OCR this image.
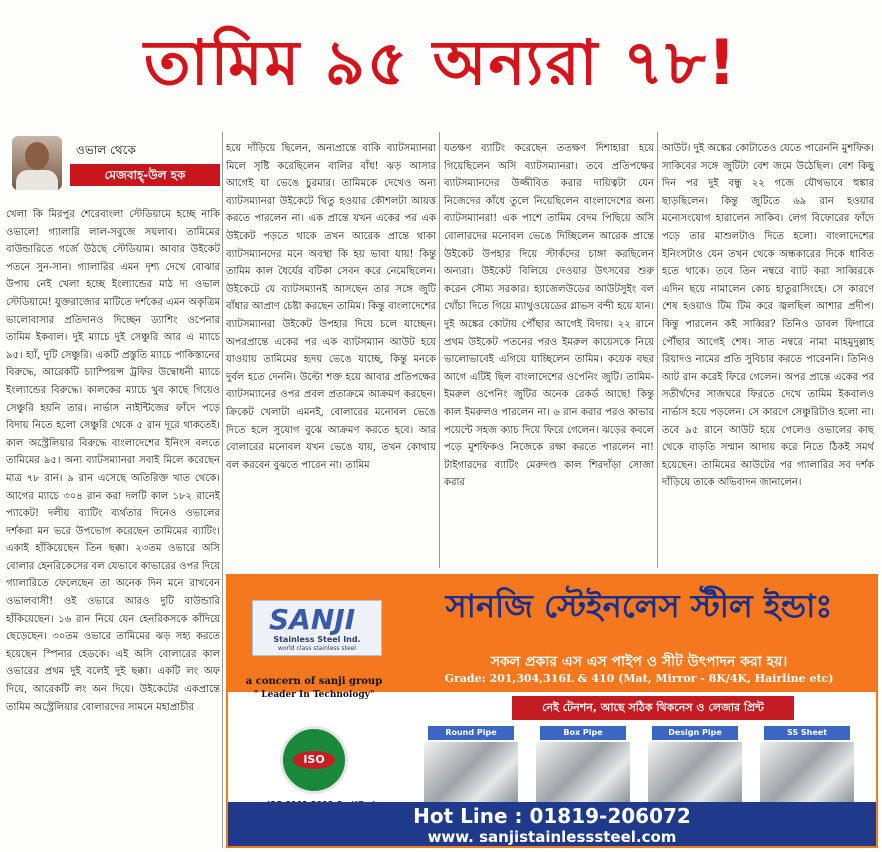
তামিম ৯৫ অন্যরা ৭৮!
ওভাল থেকে
মেজবাহ্-উল হক

খেলা কি মিরপুর শেরেবাংলা স্টেডিয়ামে হচ্ছে নাকি ওভালে! গ্যালারি লাল-সবুজে সয়লাব। তামিমের বাউন্ডারিতে গর্জে উঠছে স্টেডিয়াম। আবার উইকেট পতনে সুন-সান। গ্যালারির এমন দৃশ্য দেখে বোঝার উপায় নেই খেলা হচ্ছে ইংল্যান্ডের মাঠ দ্য ওভাল স্টেডিয়ামে! যুক্তরাজ্যের মাটিতে দর্শকের এমন অকৃত্রিম ভালোবাসার প্রতিদানও দিচ্ছেন ড্যাশিং ওপেনার তামিম ইকবাল। দুই ম্যাচে দুই সেঞ্চুরি আর এ ম্যাচে ৯৫। হ্যাঁ, দুটি সেঞ্চুরি। একটি প্রস্তুতি ম্যাচে পাকিস্তানের বিরুদ্ধে, আরেকটি চ্যাম্পিয়ন্স ট্রফির উদ্বোধনী ম্যাচে ইংল্যান্ডের বিরুদ্ধে। কালকের ম্যাচে খুব কাছে গিয়েও সেঞ্চুরি হয়নি তার। নার্ভাস নাইন্টিজের ফাঁদে পড়ে বিদায় নিতে হলো সেঞ্চুরি থেকে ৫ রান দূরে থাকতেই। কাল অস্ট্রেলিয়ার বিরুদ্ধে বাংলাদেশের ইনিংস বলতে তামিমের ৯৫। অন্য ব্যাটসম্যানরা সবাই মিলে করেছেন মাত্র ৭৮ রান। ৯ রান এসেছে অতিরিক্ত খাত থেকে। আগের ম্যাচে ৩০৪ রান করা দলটি কাল ১৮২ রানেই প্যাকেট! দলীয় ব্যাটিং ব্যর্থতার দিনেও ওভালের দর্শকরা মন ভরে উপভোগ করেছেন তামিমের ব্যাটিং। একাই হাঁকিয়েছেন তিন ছক্কা। ২৩তম ওভারে অসি বোলার হেনরিকেসের বল যেভাবে কাভারের ওপর দিয়ে গ্যালারিতে ফেলেছেন তা অনেক দিন মনে রাখবেন ওভালবাসী! ওই ওভারে আরও দুটি বাউন্ডারি হাঁকিয়েছেন। ১৬ রান নিয়ে যেন হেনরিকসকে কাঁদিয়ে ছেড়েছেন। ৩০তম ওভারে তামিমের ঝড় সহ্য করতে হয়েছেন স্পিনার হেডকে। এই অসি বোলারের কাল ওভারের প্রথম দুই বলেই দুই ছক্কা। একটি লং অফ দিয়ে, আরেকটি লং অন দিয়ে। উইকেটের একপ্রান্তে তামিম অস্ট্রেলিয়ার বোলারদের সামনে মহাপ্রাচীর

হয়ে দাঁড়িয়ে ছিলেন, অন্যপ্রান্তে বাকি ব্যাটসম্যানরা মিলে সৃষ্টি করেছিলেন বালির বাঁধ! ঝড় আসার আগেই যা ভেঙে চুরমার। তামিমকে দেখেও অন্য ব্যাটসম্যানরা উইকেটে থিতু হওয়ার কৌশলটা আয়ত্ত করতে পারলেন না। এক প্রান্তে যখন একের পর এক উইকেট পড়তে থাকে তখন আরেক প্রান্তে থাকা ব্যাটসম্যানদের মনে অবস্থা কি হয় ভাবা যায়! কিন্তু তামিম কাল ধৈর্যের বটিকা সেবন করে নেমেছিলেন। উইকেটে যে ব্যাটসম্যানই আসছেন তার সঙ্গে জুটি বাঁধার আপ্রাণ চেষ্টা করছেন তামিম। কিন্তু বাংলাদেশের ব্যাটসম্যানরা উইকেট উপহার দিয়ে চলে যাচ্ছেন। অপরপ্রান্তে একের পর এক ব্যাটসম্যান আউট হয়ে যাওয়ায় তামিমের হৃদয় ভেঙে যাচ্ছে, কিন্তু মনকে দুর্বল হতে দেননি। উল্টো শক্ত হয়ে আবার প্রতিপক্ষের ব্যাটসম্যানের ওপর প্রবল প্রতাক্রমে আক্রমণ করছেন। ক্রিকেট খেলাটা এমনই, বোলারের মনোবল ভেঙে দিতে হলে সুযোগ বুঝে আক্রমণ করতে হবে। আর বোলারের মনোবল যখন ভেঙে যায়, তখন কোথায় বল করবেন বুঝতে পারেন না। তামিম

যতক্ষণ ব্যাটিং করেছেন ততক্ষণ দিশাহারা হয়ে গিয়েছিলেন অসি ব্যাটসম্যানরা। তবে প্রতিপক্ষের ব্যাটসম্যানদের উজ্জীবিত করার দায়িত্বটা যেন নিজেদের কাঁধে তুলে নিয়েছিলেন বাংলাদেশের অন্য ব্যাটসম্যানরা! এক পাশে তামিম বেদম পিছিয়ে অসি বোলারদের মনোবল ভেঙে দিচ্ছিলেন আরেক প্রান্তে উইকেট উপহার দিয়ে স্টার্কদের চাঙ্গা করছিলেন অন্যরা। উইকেট বিলিয়ে দেওয়ার উৎসবের শুরু করেন সৌম্য সরকার। হ্যাজেলউডের আউটসুইং বল খোঁচা দিতে গিয়ে ম্যাথুওয়েডের গ্লাভস বন্দী হয়ে যান। দুই অঙ্কের কোটায় পৌঁছার আগেই বিদায়। ২২ রানে প্রথম উইকেট পতনের পরও ইমরুল কায়েসকে নিয়ে ভালোভাবেই এগিয়ে যাচ্ছিলেন তামিম। কয়েক বছর আগে এটিই ছিল বাংলাদেশের ওপেনিং জুটি। তামিম-ইমরুল ওপেনিং জুটির অনেক রেকর্ড আছে! কিন্তু কাল ইমরুলও পারলেন না। ৬ রান করার পরও কাভার পয়েন্টে সহজ ক্যাচ দিয়ে ফিরে গেলেন। ঝড়ের কবলে পড়ে মুশফিকও নিজেকে রক্ষা করতে পারলেন না! টাইগারদের ব্যাটিং মেরুদণ্ড কাল শিরদাঁড়া সোজা করার

আউট। দুই অঙ্কের কোটাতেও যেতে পারেননি মুশফিক। সাকিবের সঙ্গে জুটিটা বেশ জমে উঠেছিল। বেশ কিছু দিন পর দুই বন্ধু ২২ গজে যৌথভাবে হুঙ্কার ছাড়ছিলেন। কিন্তু জুটিতে ৬৯ রান হওয়ার মনোসংযোগ হারালেন সাকিব। লেগ বিফোরের ফাঁদে পড়ে তার মাশুলটাও দিতে হলো। বাংলাদেশের ইনিংসটাও যেন তখন থেকে অন্ধকারের দিকে ধাবিত হতে থাকে। তবে তিন নম্বরে ব্যাট করা সাব্বিরকে এদিন ছয়ে নামালেন কোচ হাতুরাসিংহে। সে কারণে শেষ হওয়াও টিম টিম করে জ্বলছিল আশার প্রদীপ। কিন্তু পারলেন কই সাব্বির? তিনিও ডাবল ফিগারে পৌঁছার আগেই শেষ। সাত নম্বরে নামা মাহমুদুল্লাহ রিয়াদও নামের প্রতি সুবিচার করতে পারেননি। তিনিও আট রান করেই ফিরে গেলেন। অপর প্রান্তে একের পর সতীর্থদের সাজঘরে ফিরতে দেখে তামিম ইকবালও নার্ভাস হয়ে পড়লেন। সে কারণে সেঞ্চুরিটাও হলো না। তবে ৯৫ রানে আউট হয়ে গেলেও ওভালের কাছ থেকে বাড়তি সম্মান আদায় করে নিতে ঠিকই সমর্থ হয়েছেন। তামিমের আউটের পর গ্যালারির সব দর্শক দাঁড়িয়ে তাকে অভিবাদন জানালেন।

SANJI
Stainless Steel Ind.
world class stainless steel
সানজি স্টেইনলেস স্টীল ইন্ডাঃ
সকল প্রকার এস এস পাইপ ও সীট উৎপাদন করা হয়।
Grade: 201,304,316L & 410 (Mat, Mirror - 8K/4K, Hairline etc)
a concern of sanji group
" Leader In Technology"
নেই টেনশন, আছে সঠিক থিকনেস ও লেজার প্রিন্ট
ISO
Round Pipe	Box Pipe	Design Pipe	SS Sheet
Hot Line : 01819-206072
www. sanjistainlesssteel.com
